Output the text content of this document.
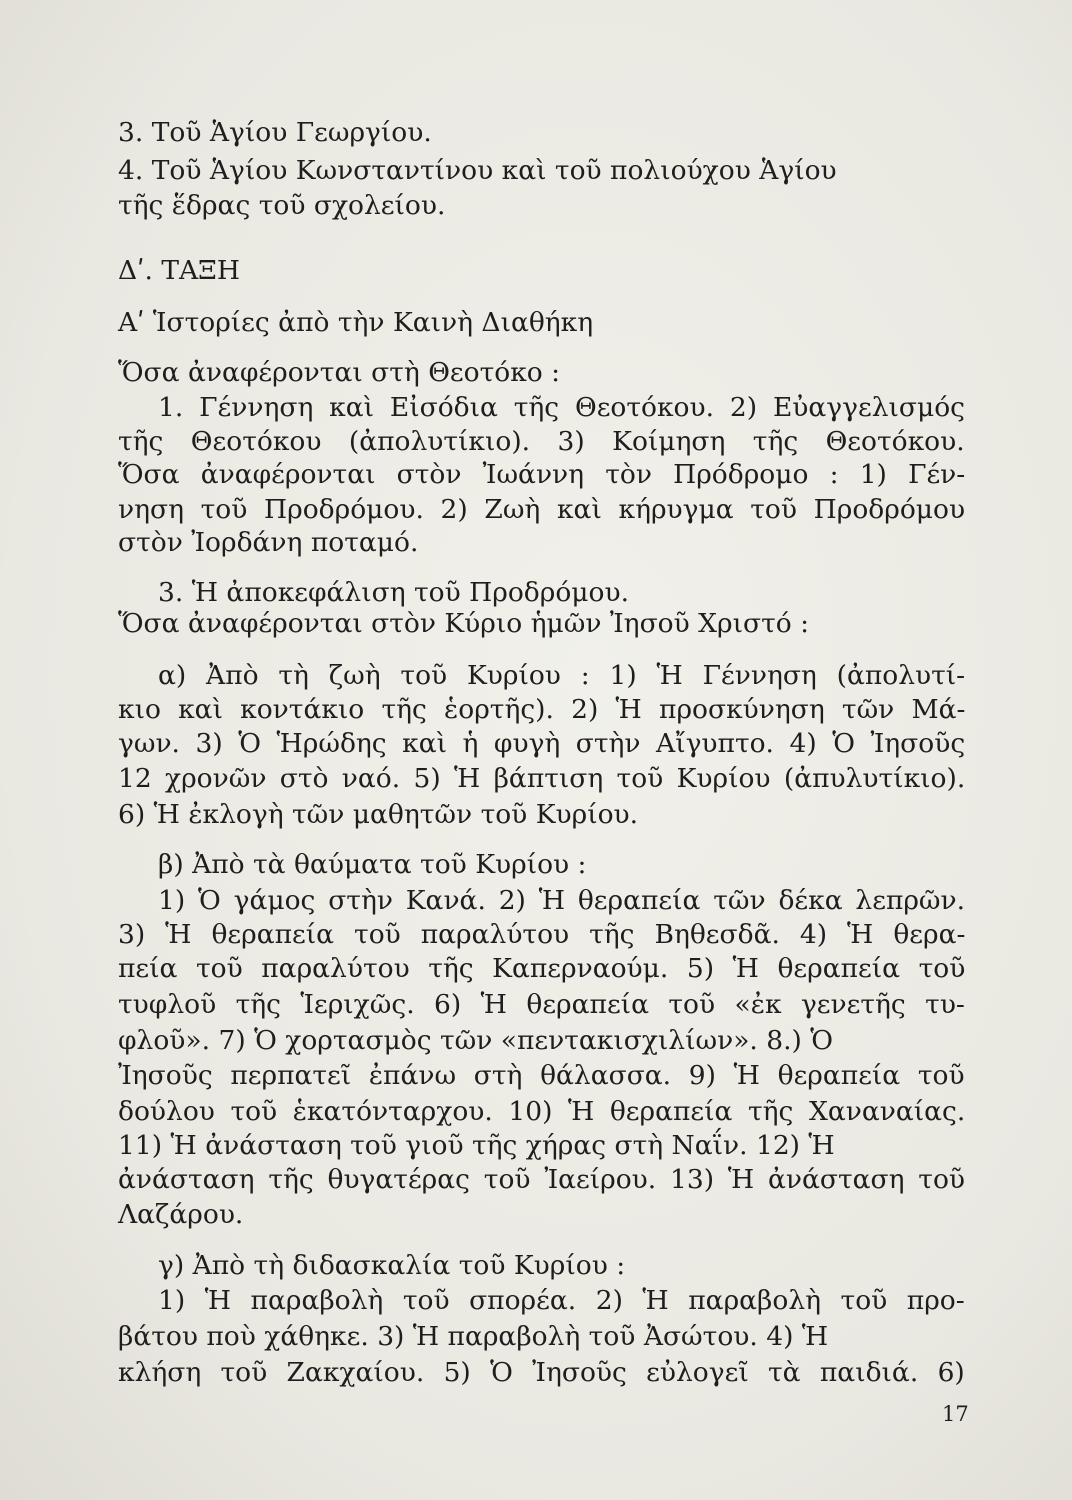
3. Τοῦ Ἁγίου Γεωργίου.
4. Τοῦ Ἁγίου Κωνσταντίνου καὶ τοῦ πολιούχου Ἁγίου
τῆς ἕδρας τοῦ σχολείου.
Δʹ. ΤΑΞΗ
Αʹ Ἱστορίες ἀπὸ τὴν Καινὴ Διαθήκη
Ὅσα ἀναφέρονται στὴ Θεοτόκο :
1. Γέννηση καὶ Εἰσόδια τῆς Θεοτόκου. 2) Εὐαγγελισμός
τῆς Θεοτόκου (ἀπολυτίκιο). 3) Κοίμηση τῆς Θεοτόκου.
Ὅσα ἀναφέρονται στὸν Ἰωάννη τὸν Πρόδρομο : 1) Γέν-
νηση τοῦ Προδρόμου. 2) Ζωὴ καὶ κήρυγμα τοῦ Προδρόμου
στὸν Ἰορδάνη ποταμό.
3. Ἡ ἀποκεφάλιση τοῦ Προδρόμου.
Ὅσα ἀναφέρονται στὸν Κύριο ἡμῶν Ἰησοῦ Χριστό :
α) Ἀπὸ τὴ ζωὴ τοῦ Κυρίου : 1) Ἡ Γέννηση (ἀπολυτί-
κιο καὶ κοντάκιο τῆς ἑορτῆς). 2) Ἡ προσκύνηση τῶν Μά-
γων. 3) Ὁ Ἡρώδης καὶ ἡ φυγὴ στὴν Αἴγυπτο. 4) Ὁ Ἰησοῦς
12 χρονῶν στὸ ναό. 5) Ἡ βάπτιση τοῦ Κυρίου (ἀπυλυτίκιο).
6) Ἡ ἐκλογὴ τῶν μαθητῶν τοῦ Κυρίου.
β) Ἀπὸ τὰ θαύματα τοῦ Κυρίου :
1) Ὁ γάμος στὴν Κανά. 2) Ἡ θεραπεία τῶν δέκα λεπρῶν.
3) Ἡ θεραπεία τοῦ παραλύτου τῆς Βηθεσδᾶ. 4) Ἡ θερα-
πεία τοῦ παραλύτου τῆς Καπερναούμ. 5) Ἡ θεραπεία τοῦ
τυφλοῦ τῆς Ἱεριχῶς. 6) Ἡ θεραπεία τοῦ «ἐκ γενετῆς τυ-
φλοῦ». 7) Ὁ χορτασμὸς τῶν «πεντακισχιλίων». 8.) Ὁ
Ἰησοῦς περπατεῖ ἐπάνω στὴ θάλασσα. 9) Ἡ θεραπεία τοῦ
δούλου τοῦ ἑκατόνταρχου. 10) Ἡ θεραπεία τῆς Χαναναίας.
11) Ἡ ἀνάσταση τοῦ γιοῦ τῆς χήρας στὴ Ναΐν. 12) Ἡ
ἀνάσταση τῆς θυγατέρας τοῦ Ἰαείρου. 13) Ἡ ἀνάσταση τοῦ
Λαζάρου.
γ) Ἀπὸ τὴ διδασκαλία τοῦ Κυρίου :
1) Ἡ παραβολὴ τοῦ σπορέα. 2) Ἡ παραβολὴ τοῦ προ-
βάτου ποὺ χάθηκε. 3) Ἡ παραβολὴ τοῦ Ἀσώτου. 4) Ἡ
κλήση τοῦ Ζακχαίου. 5) Ὁ Ἰησοῦς εὐλογεῖ τὰ παιδιά. 6)
17
